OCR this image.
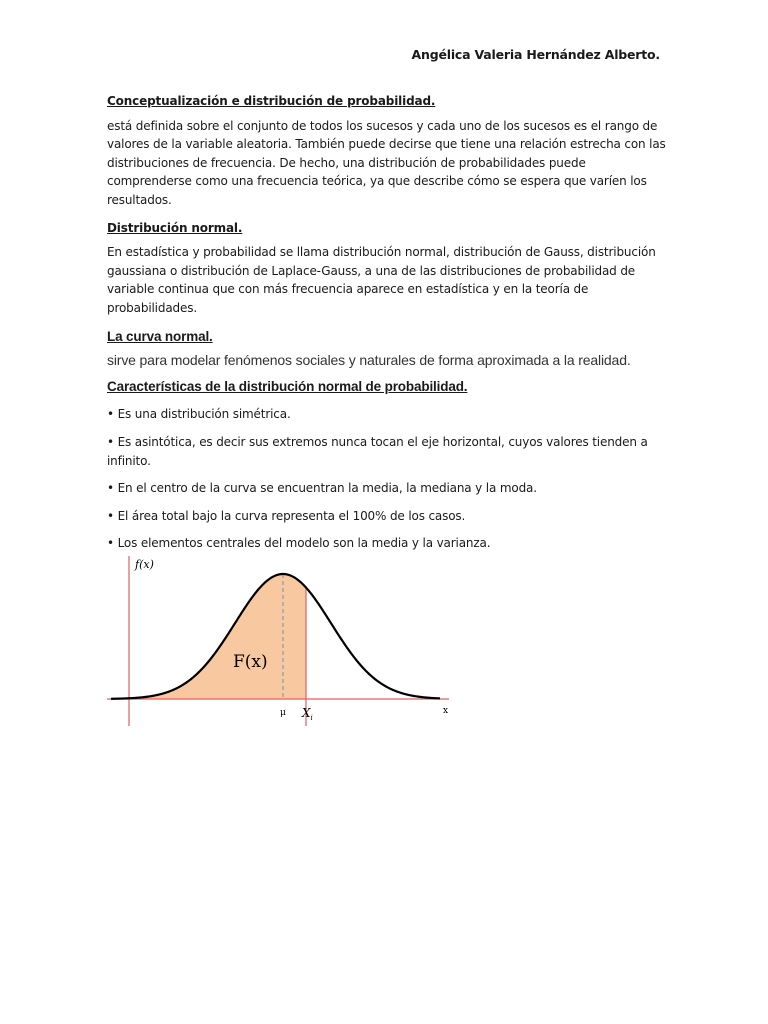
Angélica Valeria Hernández Alberto.

Conceptualización e distribución de probabilidad.

está definida sobre el conjunto de todos los sucesos y cada uno de los sucesos es el rango de valores de la variable aleatoria. También puede decirse que tiene una relación estrecha con las distribuciones de frecuencia. De hecho, una distribución de probabilidades puede comprenderse como una frecuencia teórica, ya que describe cómo se espera que varíen los resultados.

Distribución normal.

En estadística y probabilidad se llama distribución normal, distribución de Gauss, distribución gaussiana o distribución de Laplace-Gauss, a una de las distribuciones de probabilidad de variable continua que con más frecuencia aparece en estadística y en la teoría de probabilidades.

La curva normal.

sirve para modelar fenómenos sociales y naturales de forma aproximada a la realidad.

Características de la distribución normal de probabilidad.

• Es una distribución simétrica.

• Es asintótica, es decir sus extremos nunca tocan el eje horizontal, cuyos valores tienden a infinito.

• En el centro de la curva se encuentran la media, la mediana y la moda.

• El área total bajo la curva representa el 100% de los casos.

• Los elementos centrales del modelo son la media y la varianza.

f(x)
F(x)
μ $X_i$
x
